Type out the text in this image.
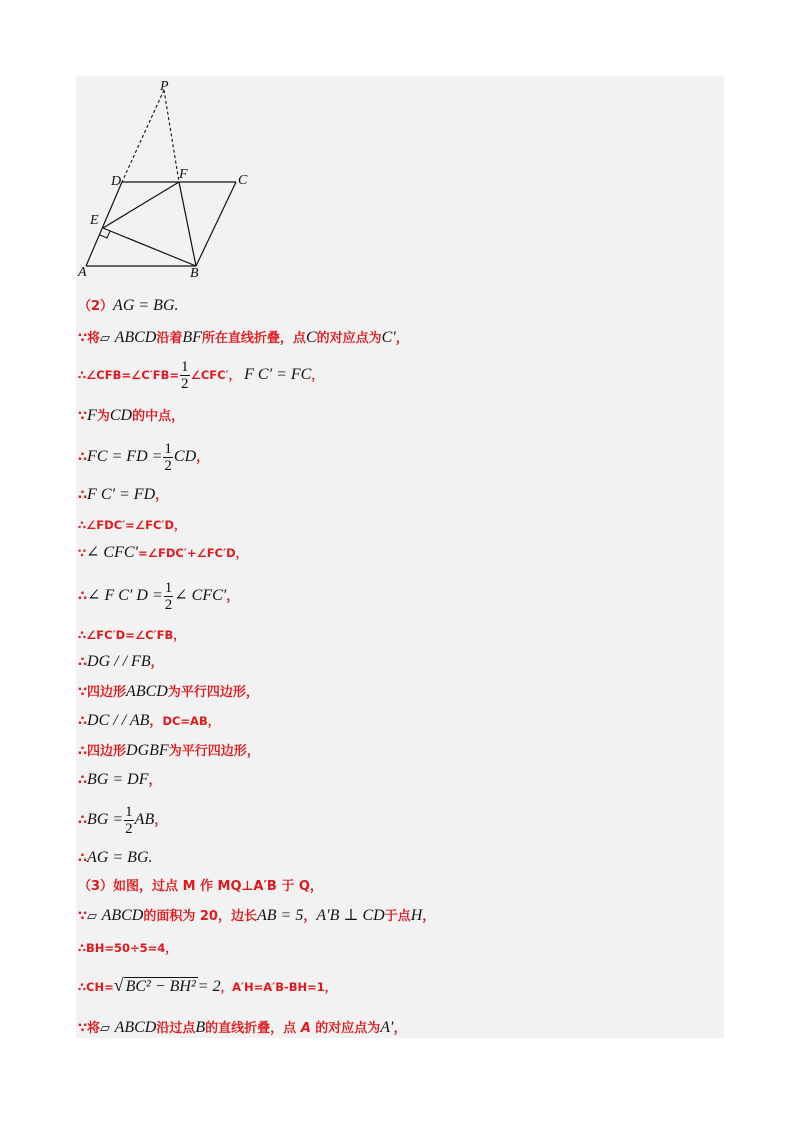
P
D	F	C
E
A	B
（2）AG = BG.
∵将▱ ABCD沿着BF所在直线折叠，点C的对应点为C′，
∴∠CFB=∠C′FB= $\frac{1}{2}$ ∠CFC′， F C′ = FC，
∵F为CD的中点，
∴FC = FD = $\frac{1}{2}$ CD，
∴F C′ = FD，
∴∠FDC′=∠FC′D，
∵∠ CFC′=∠FDC′+∠FC′D，
∴∠ F C′ $D = \frac{1}{2}$ ∠ CFC′，
∴∠FC′D=∠C′FB，
∴DG / / FB，
∵四边形ABCD为平行四边形，
∴DC / / AB，DC=AB，
∴四边形DGBF为平行四边形，
∴BG = DF，
∴BG = $\frac{1}{2}$ AB，
∴AG = BG.
（3）如图，过点 M 作 MQ⊥A′B 于 Q，
∵▱ ABCD的面积为 20，边长AB = 5，A′B ⊥ CD于点H，
∴BH=50÷5=4，
∴CH=√ BC² − BH² = 2，A′H=A′B-BH=1，
∵将▱ ABCD沿过点B的直线折叠，点 A 的对应点为A′，
